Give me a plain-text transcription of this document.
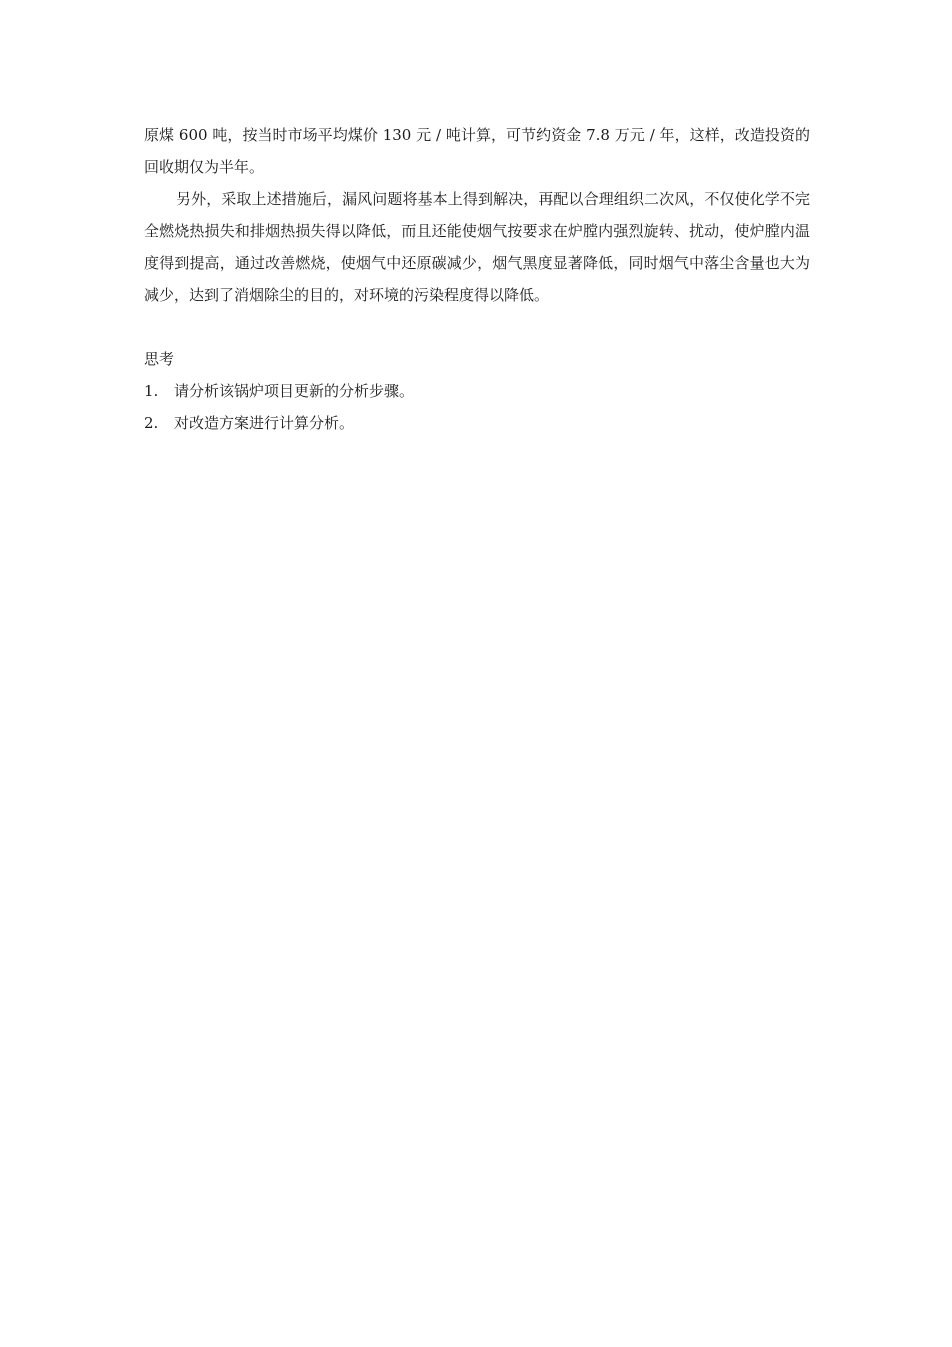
原煤 600 吨，按当时市场平均煤价 130 元 / 吨计算，可节约资金 7.8 万元 / 年，这样，改造投资的回收期仅为半年。

另外，采取上述措施后，漏风问题将基本上得到解决，再配以合理组织二次风，不仅使化学不完全燃烧热损失和排烟热损失得以降低，而且还能使烟气按要求在炉膛内强烈旋转、扰动，使炉膛内温度得到提高，通过改善燃烧，使烟气中还原碳减少，烟气黑度显著降低，同时烟气中落尘含量也大为减少，达到了消烟除尘的目的，对环境的污染程度得以降低。

思考

1.	请分析该锅炉项目更新的分析步骤。
2.	对改造方案进行计算分析。
